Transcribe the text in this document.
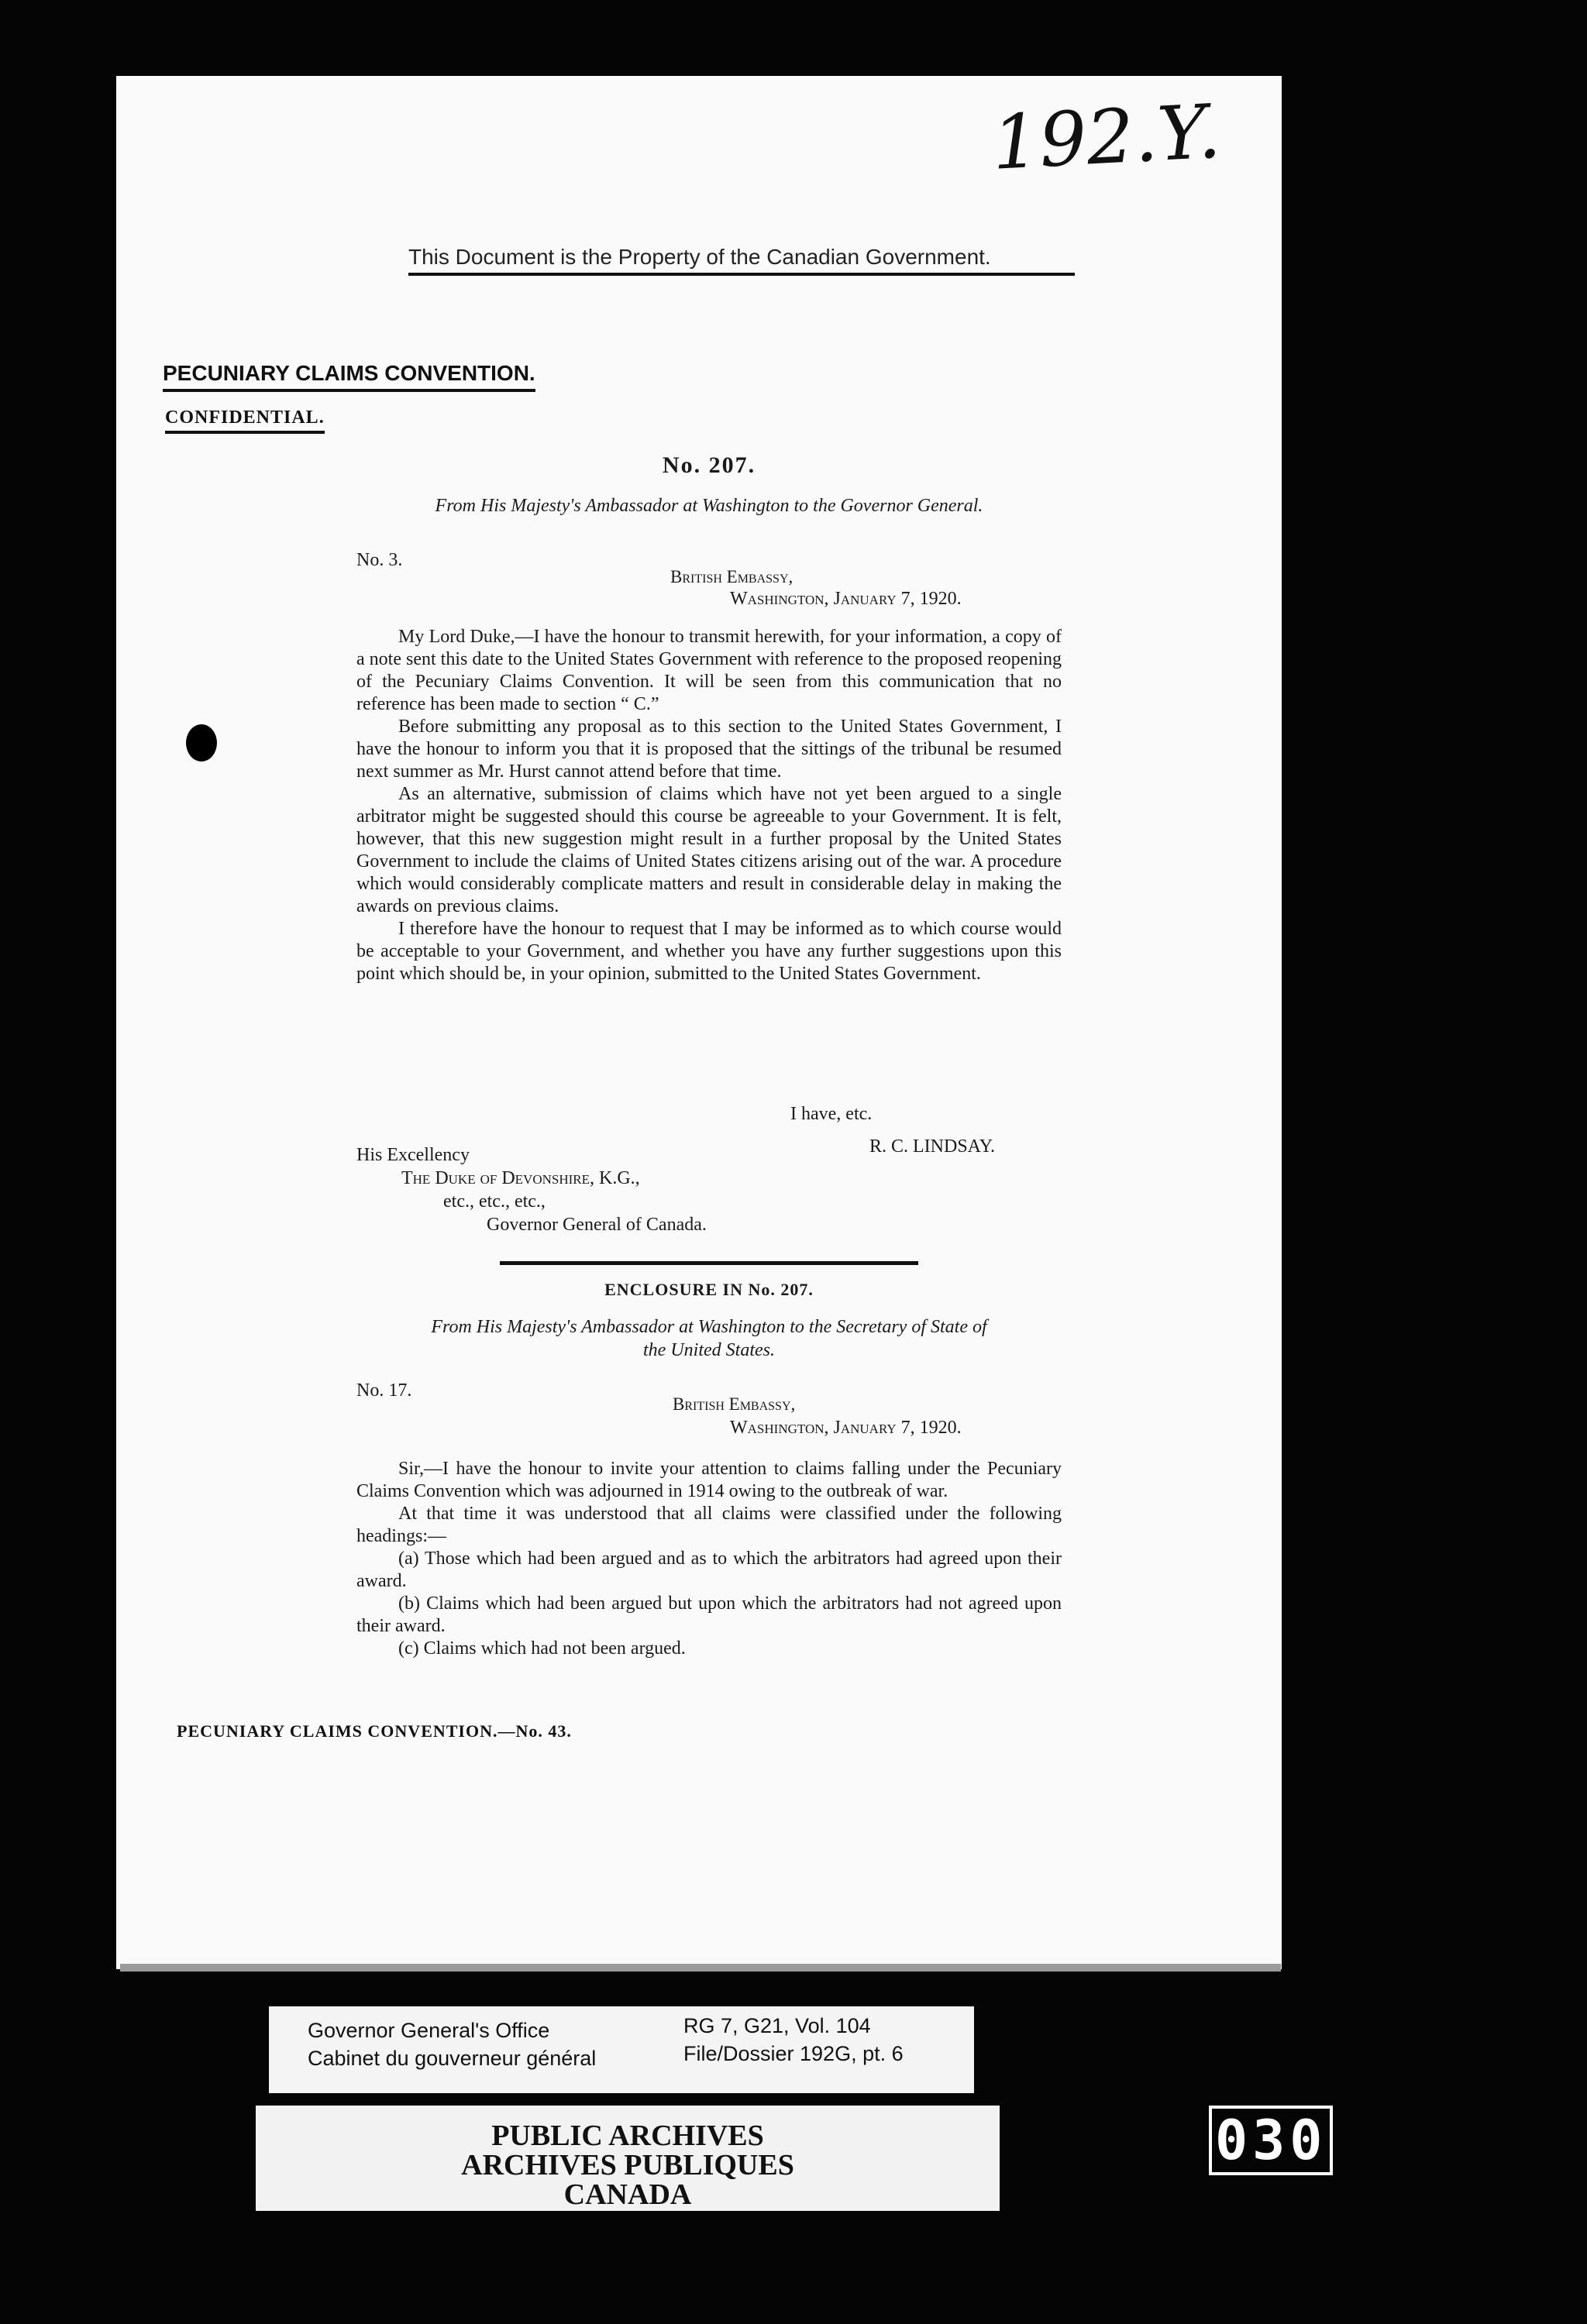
192.Y.
This Document is the Property of the Canadian Government.
PECUNIARY CLAIMS CONVENTION.
CONFIDENTIAL.
No. 207.
From His Majesty's Ambassador at Washington to the Governor General.
No. 3.
British Embassy,
Washington, January 7, 1920.

My Lord Duke,—I have the honour to transmit herewith, for your information, a copy of a note sent this date to the United States Government with reference to the proposed reopening of the Pecuniary Claims Convention. It will be seen from this communication that no reference has been made to section “ C.”

Before submitting any proposal as to this section to the United States Government, I have the honour to inform you that it is proposed that the sittings of the tribunal be resumed next summer as Mr. Hurst cannot attend before that time.

As an alternative, submission of claims which have not yet been argued to a single arbitrator might be suggested should this course be agreeable to your Government. It is felt, however, that this new suggestion might result in a further proposal by the United States Government to include the claims of United States citizens arising out of the war. A procedure which would considerably complicate matters and result in considerable delay in making the awards on previous claims.

I therefore have the honour to request that I may be informed as to which course would be acceptable to your Government, and whether you have any further suggestions upon this point which should be, in your opinion, submitted to the United States Government.

I have, etc.
R. C. LINDSAY.
His Excellency
The Duke of Devonshire, K.G.,
etc., etc., etc.,
Governor General of Canada.
ENCLOSURE IN No. 207.
From His Majesty's Ambassador at Washington to the Secretary of State of
the United States.
No. 17.
British Embassy,
Washington, January 7, 1920.

Sir,—I have the honour to invite your attention to claims falling under the Pecuniary Claims Convention which was adjourned in 1914 owing to the outbreak of war.

At that time it was understood that all claims were classified under the following headings:—

(a) Those which had been argued and as to which the arbitrators had agreed upon their award.

(b) Claims which had been argued but upon which the arbitrators had not agreed upon their award.

(c) Claims which had not been argued.

PECUNIARY CLAIMS CONVENTION.—No. 43.
Governor General's Office
Cabinet du gouverneur général
RG 7, G21, Vol. 104
File/Dossier 192G, pt. 6
PUBLIC ARCHIVES
ARCHIVES PUBLIQUES
CANADA
030
